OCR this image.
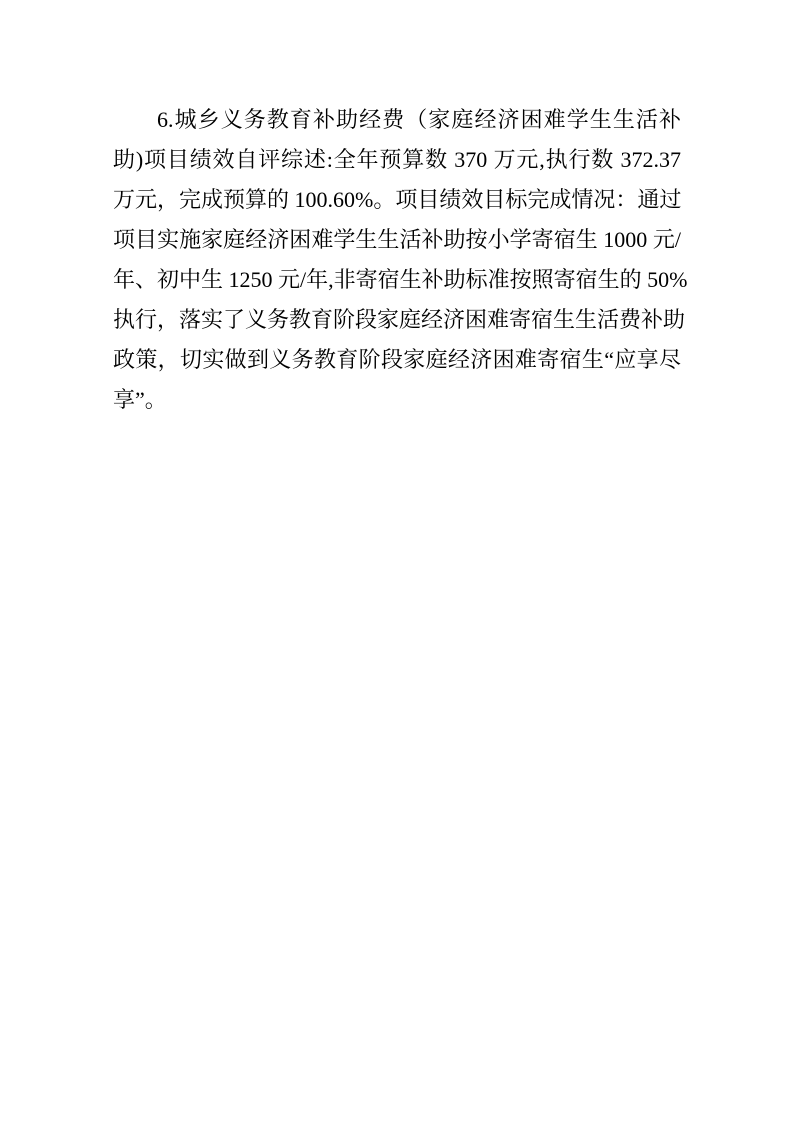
6.城乡义务教育补助经费（家庭经济困难学生生活补
助)项目绩效自评综述:全年预算数 370 万元,执行数 372.37
万元，完成预算的 100.60%。项目绩效目标完成情况：通过
项目实施家庭经济困难学生生活补助按小学寄宿生 1000 元/
年、初中生 1250 元/年,非寄宿生补助标准按照寄宿生的 50%
执行，落实了义务教育阶段家庭经济困难寄宿生生活费补助
政策，切实做到义务教育阶段家庭经济困难寄宿生“应享尽
享”。
